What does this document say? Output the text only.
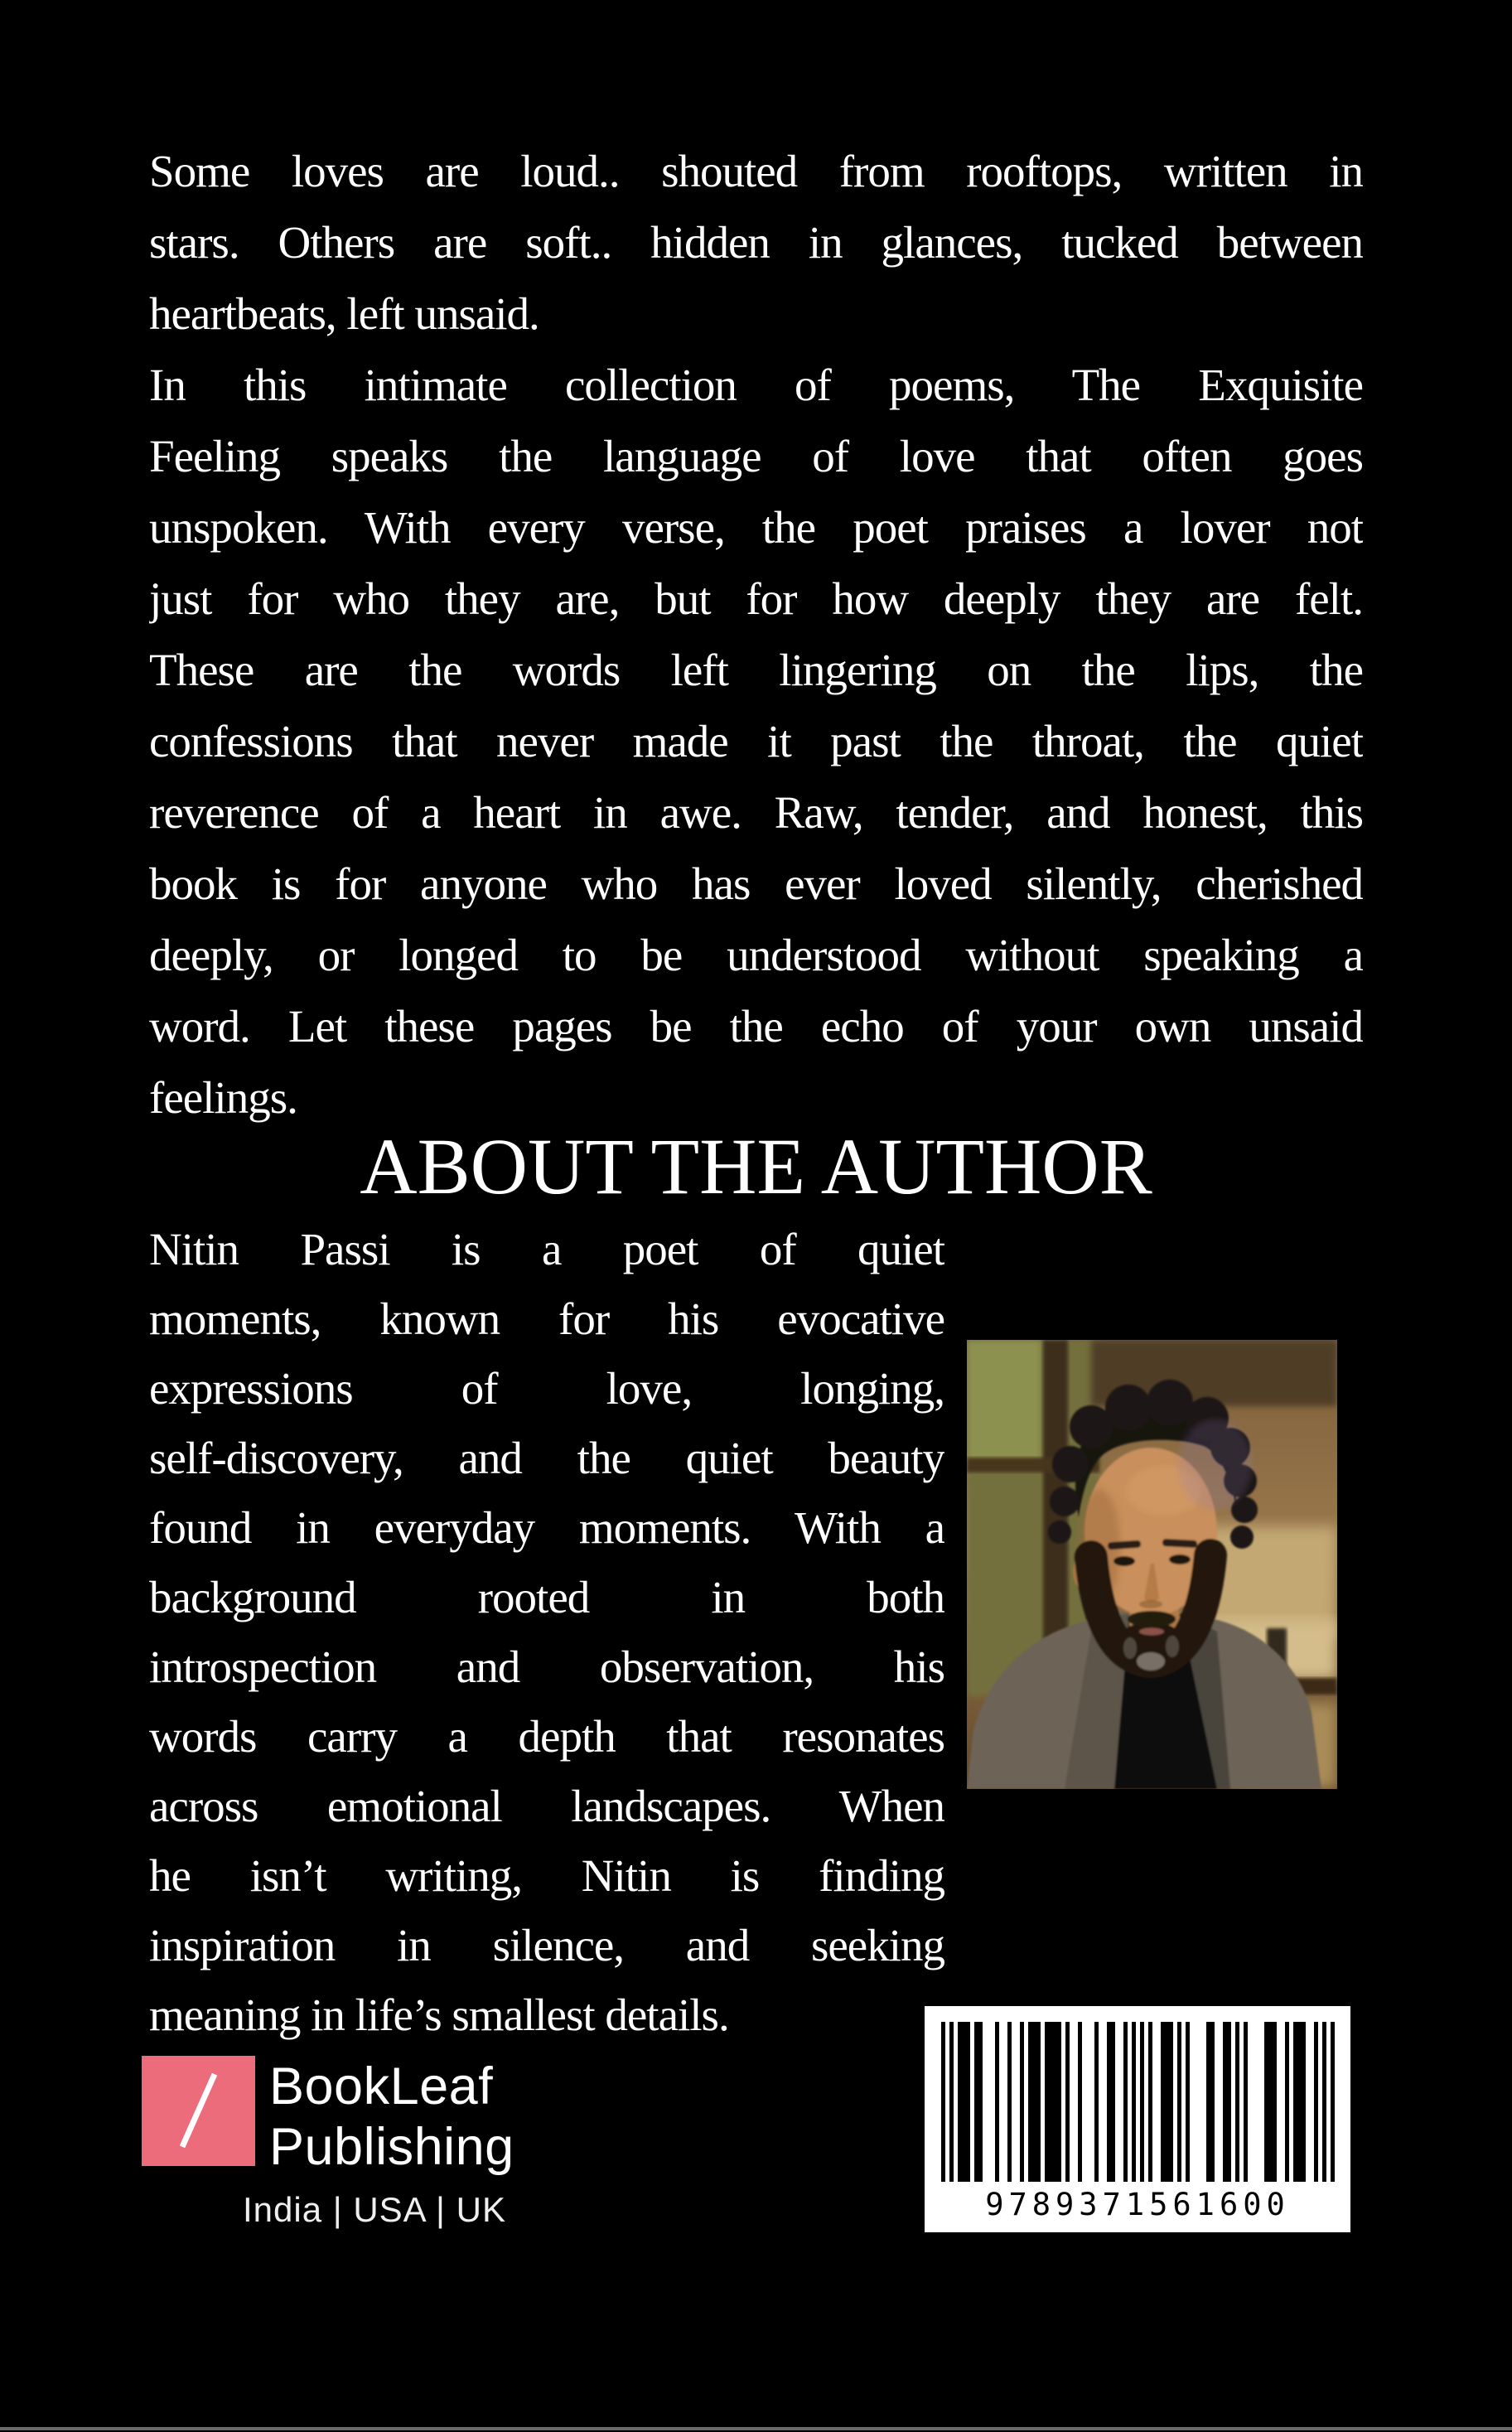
Some loves are loud.. shouted from rooftops, written in
stars. Others are soft.. hidden in glances, tucked between
heartbeats, left unsaid.
In this intimate collection of poems, The Exquisite
Feeling speaks the language of love that often goes
unspoken. With every verse, the poet praises a lover not
just for who they are, but for how deeply they are felt.
These are the words left lingering on the lips, the
confessions that never made it past the throat, the quiet
reverence of a heart in awe. Raw, tender, and honest, this
book is for anyone who has ever loved silently, cherished
deeply, or longed to be understood without speaking a
word. Let these pages be the echo of your own unsaid
feelings.
ABOUT THE AUTHOR
Nitin Passi is a poet of quiet
moments, known for his evocative
expressions of love, longing,
self-discovery, and the quiet beauty
found in everyday moments. With a
background rooted in both
introspection and observation, his
words carry a depth that resonates
across emotional landscapes. When
he isn’t writing, Nitin is finding
inspiration in silence, and seeking
meaning in life’s smallest details.
BookLeaf
Publishing
India | USA | UK	9789371561600
